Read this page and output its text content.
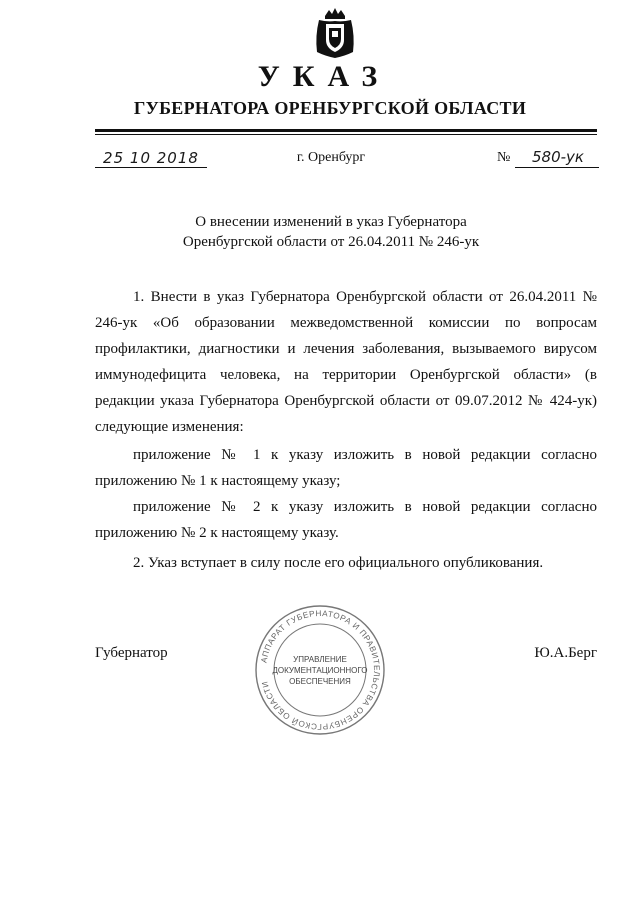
УКАЗ
ГУБЕРНАТОРА ОРЕНБУРГСКОЙ ОБЛАСТИ
25 10 2018	г. Оренбург	№	580-ук
О внесении изменений в указ Губернатора
Оренбургской области от 26.04.2011 № 246-ук
1. Внести в указ Губернатора Оренбургской области от 26.04.2011 № 246-ук «Об образовании межведомственной комиссии по вопросам профилактики, диагностики и лечения заболевания, вызываемого вирусом иммунодефицита человека, на территории Оренбургской области» (в редакции указа Губернатора Оренбургской области от 09.07.2012 № 424-ук) следующие изменения:
приложение № 1 к указу изложить в новой редакции согласно приложению № 1 к настоящему указу;
приложение № 2 к указу изложить в новой редакции согласно приложению № 2 к настоящему указу.
2. Указ вступает в силу после его официального опубликования.
Губернатор	Ю.А.Берг
АППАРАТ ГУБЕРНАТОРА И ПРАВИТЕЛЬСТВА ОРЕНБУРГСКОЙ ОБЛАСТИ
УПРАВЛЕНИЕ
ДОКУМЕНТАЦИОННОГО
ОБЕСПЕЧЕНИЯ
